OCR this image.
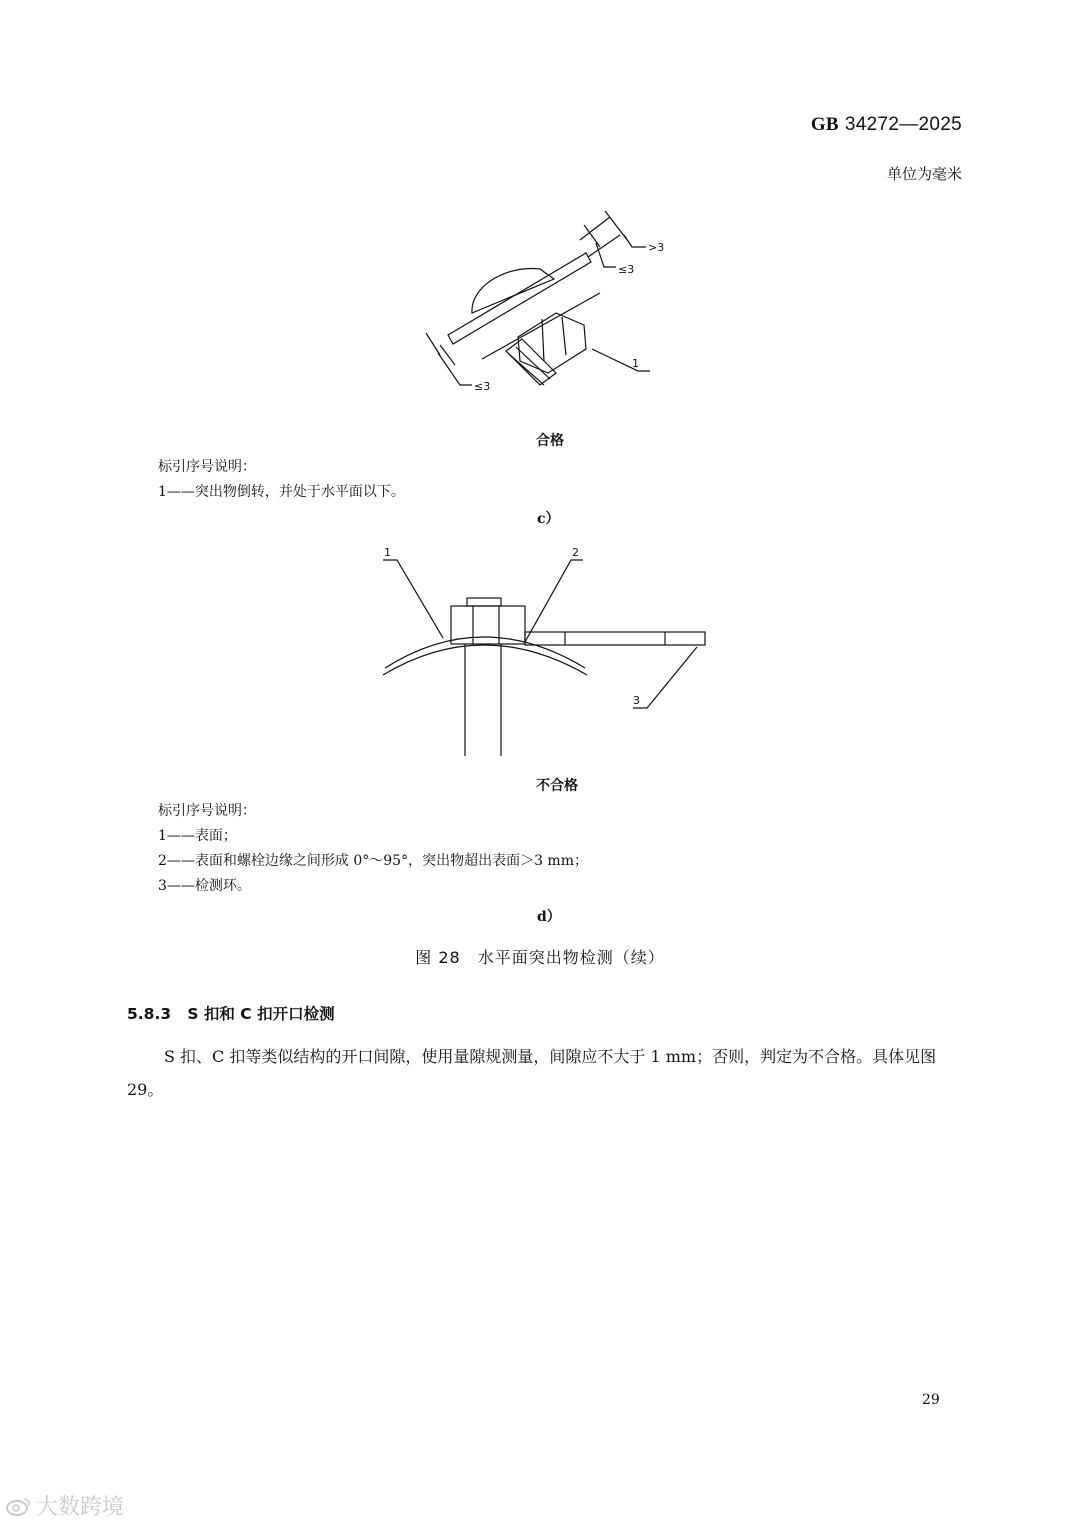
GB 34272—2025
单位为毫米
>3
≤3
≤3
1
合格
标引序号说明：
1——突出物倒转，并处于水平面以下。
c）
1	2
3
不合格
标引序号说明：
1——表面；
2——表面和螺栓边缘之间形成 0°～95°，突出物超出表面＞3 mm；
3——检测环。
d）
图 28　水平面突出物检测（续）
5.8.3 S 扣和 C 扣开口检测
S 扣、C 扣等类似结构的开口间隙，使用量隙规测量，间隙应不大于 1 mm；否则，判定为不合格。具体见图 29。
29
大数跨境
